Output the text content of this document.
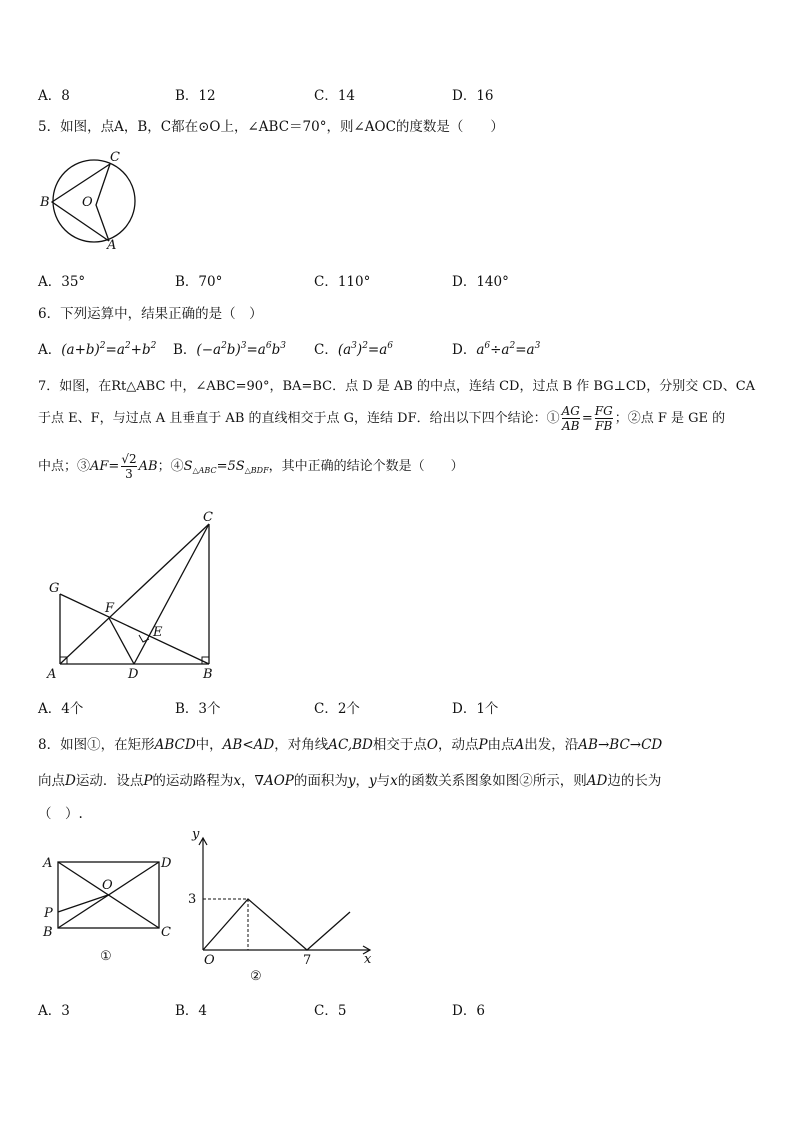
A．8	B．12	C．14	D．16
5．如图，点A，B，C都在⊙O上，∠ABC＝70°，则∠AOC的度数是（　　）
C
B O
A
A．35°	B．70°	C．110°	D．140°
6．下列运算中，结果正确的是（　）
A．$(a+b)^2=a^2+b^2$ B．$(-a^2b)^3=a^6b^3$ C．$(a^3)^2=a^6$	D．$a^6\div a^2=a^3$
7．如图，在Rt△ABC 中，∠ABC=90°，BA=BC．点 D 是 AB 的中点，连结 CD，过点 B 作 BG⊥CD，分别交 CD、CA
于点 E、F，与过点 A 且垂直于 AB 的直线相交于点 G，连结 DF．给出以下四个结论：① $\frac{AG}{AB} = \frac{FG}{FB}$ ；②点 F 是 GE 的
中点；③AF= $\frac{√2}{3}$ AB；$④S_{\triangle ABC}=5S_{\triangle BDF}$，其中正确的结论个数是（　　）
C
G
F
E
A	D	B
A．4个	B．3个	C．2个	D．1个
8．如图①，在矩形ABCD中，AB<AD，对角线AC,BD相交于点O，动点P由点A出发，沿AB→BC→CD
向点D运动．设点P的运动路程为x，∇AOP的面积为y，y与x的函数关系图象如图②所示，则AD边的长为
（　）.
A	D
O
P
B	C
①
y
x
O
3
7
②
A．3	B．4	C．5	D．6
